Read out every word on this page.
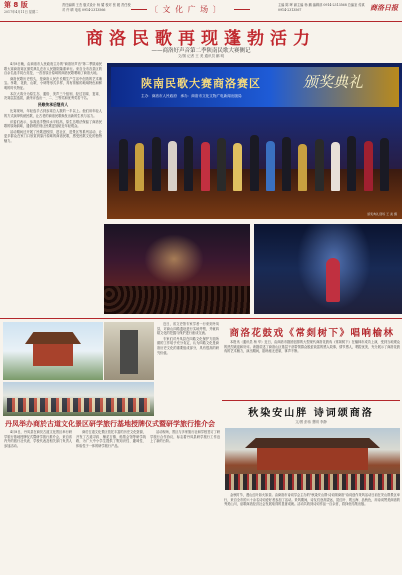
第 8 版
2017年4月11日 星期二
责任编辑 王杰 版式设计 杨 耀 校对 张 媛 责任校对 许 晴 电话 0914-2313566	〔 文 化 广 场 〕	主编 陈 晖 副主编 杨 鹏 编辑部 0914-2313568 总编室 传真 0914-2313567	商洛日报
商洛民歌再现蓬勃活力
——商洛好声音第二季陕南民歌大赛侧记
文/图 记者 王 美 通讯员 鹏 明

4月8日晚，由商洛市人民政府主办的"商洛好声音"第二季陕南民歌大赛商洛赛区颁奖典礼在市人民剧院隆重举行。来自全市各县区的百余名选手同台竞技，一首首原汁原味的商洛民歌唱响了商洛大地。

商洛民歌历史悠久，是商洛人民在长期生产生活中创造的艺术瑰宝。孝歌、花鼓、山歌、小调等形式多样，具有浓郁的地域特色和鲜明的时代特征。

本次大赛分为原生态、通俗、美声三个组别，经过初赛、复赛、决赛层层选拔，最终评选出一、二、三等奖和优秀奖若干名。

民歌传承后继有人

比赛现场，年轻选手占到参赛总人数的一半以上。他们用年轻人的方式演绎传统民歌，让古老的商洛民歌焕发出新的生机与活力。

评委们表示，参赛选手整体水平较高，原生态唱法保留了商洛民歌的原始韵味，通俗唱法则让民歌更加贴近年轻观众。

活动期间还开展了民歌进校园、进社区、进景区等系列活动，让更多群众在家门口欣赏到原汁原味的商洛民歌，感受民歌文化的独特魅力。

陕南民歌大赛商洛赛区	颁奖典礼
主办：商洛市人民政府　承办：商洛市文化文物广电新闻出版局
颁奖典礼现场 王 美 摄

近日，省文史馆专家学者一行来到丹凤县，对商山四皓遗址进行实地考察，并就四皓文化的挖掘与保护进行座谈交流。

专家们对丹凤县在四皓文化保护方面所做的工作给予充分肯定，认为四皓文化是商洛历史文化的重要组成部分，具有很高的研究价值。

丹凤举办商於古道文化景区研学旅行基地授牌仪式暨研学旅行推介会

4月8日，丹凤县在商於古道文化景区举行研学旅行基地授牌仪式暨研学旅行推介会，来自省内外的旅行社代表、学校代表及相关部门负责人参加活动。

商於古道文化景区依托丰富的历史文化资源，开发了古道寻踪、棣花古镇、船帮会馆等研学线路，为广大中小学生提供了集知识性、趣味性、体验性于一体的研学旅行产品。

活动现场，景区与多家旅行社和学校签订了研学旅行合作协议，标志着丹凤县研学旅行工作迈上了新的台阶。

商洛花鼓戏《常剡树下》唱响榆林

本报讯（通讯员 杨 华）近日，由商洛市剧团创排的大型现代商洛花鼓戏《常剡树下》在榆林市成功上演，受到当地观众的热烈欢迎和好评。该剧讲述了商洛山区基层干部带领群众脱贫致富的感人故事，情节感人，唱腔优美，充分展示了商洛花鼓戏的艺术魅力，演出期间，剧场座无虚席，掌声不断。

秋染安山胖 诗词颂商洛
文/图 彭伟 慧明 李静

金秋时节，漫山红叶如火如荼。由商洛市诗词学会主办的"秋染安山胖·诗词颂商洛"诗词创作采风活动日前在安山胖景区举行，来自全市的六十余名诗词爱好者参加了活动。采风期间，诗友们登高望远，赏红叶、观云海、品秋色，用诗词赞美商洛的秀美山川，讴歌商洛经济社会发展取得的显著成就。活动共收到诗词作品一百余首，将择优结集出版。
